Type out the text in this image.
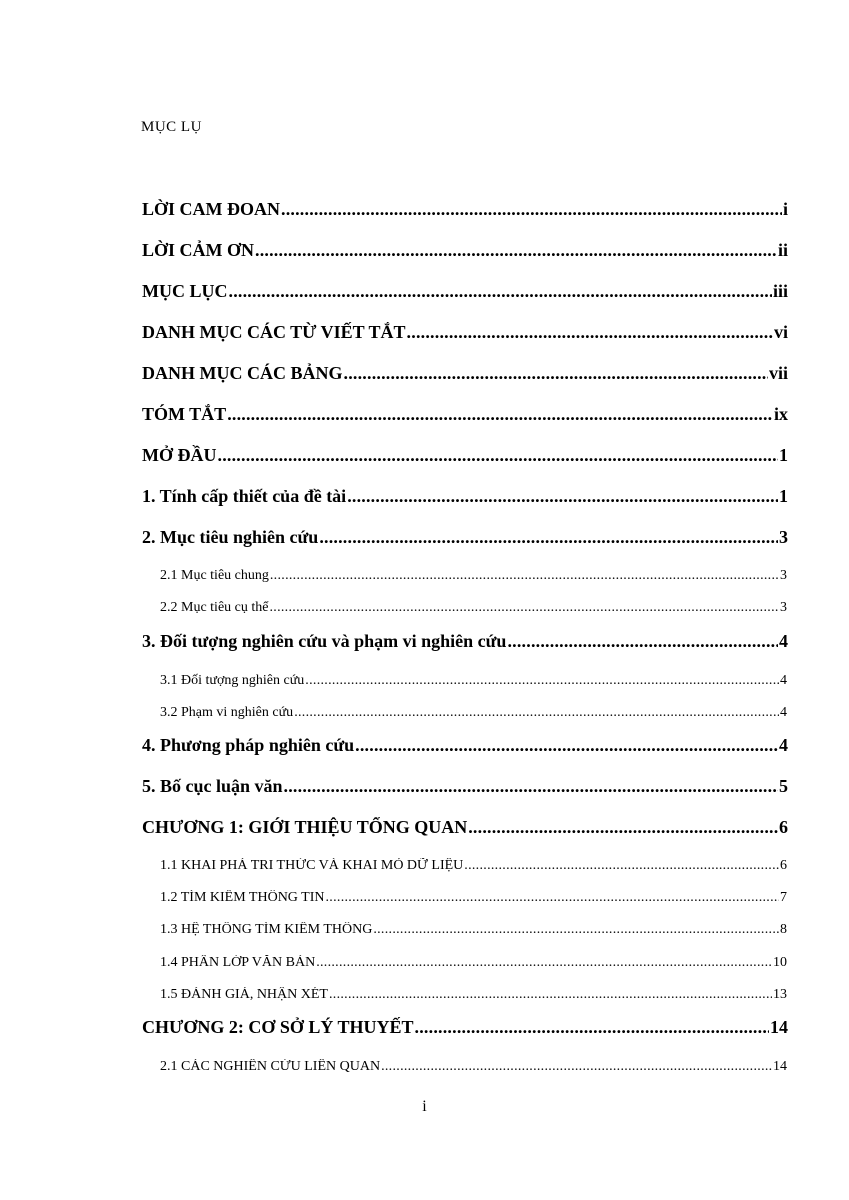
MỤC LỤ
LỜI CAM ĐOAN .....	i
LỜI CẢM ƠN .....	ii
MỤC LỤC .....	iii
DANH MỤC CÁC TỪ VIẾT TẮT .....	vi
DANH MỤC CÁC BẢNG .....	vii
TÓM TẮT .....	ix
MỞ ĐẦU .....	1
1. Tính cấp thiết của đề tài .....	1
2. Mục tiêu nghiên cứu .....	3
2.1 Mục tiêu chung .....	3
2.2 Mục tiêu cụ thể .....	3
3. Đối tượng nghiên cứu và phạm vi nghiên cứu .....	4
3.1 Đối tượng nghiên cứu .....	4
3.2 Phạm vi nghiên cứu .....	4
4. Phương pháp nghiên cứu .....	4
5. Bố cục luận văn .....	5
CHƯƠNG 1: GIỚI THIỆU TỔNG QUAN .....	6
1.1 KHAI PHÁ TRI THỨC VÀ KHAI MỎ DỮ LIỆU .....	6
1.2 TÌM KIẾM THÔNG TIN .....	7
1.3 HỆ THỐNG TÌM KIẾM THÔNG .....	8
1.4 PHÂN LỚP VĂN BẢN .....	10
1.5 ĐÁNH GIÁ, NHẬN XÉT .....	13
CHƯƠNG 2: CƠ SỞ LÝ THUYẾT .....	14
2.1 CÁC NGHIÊN CỨU LIÊN QUAN .....	14
i
